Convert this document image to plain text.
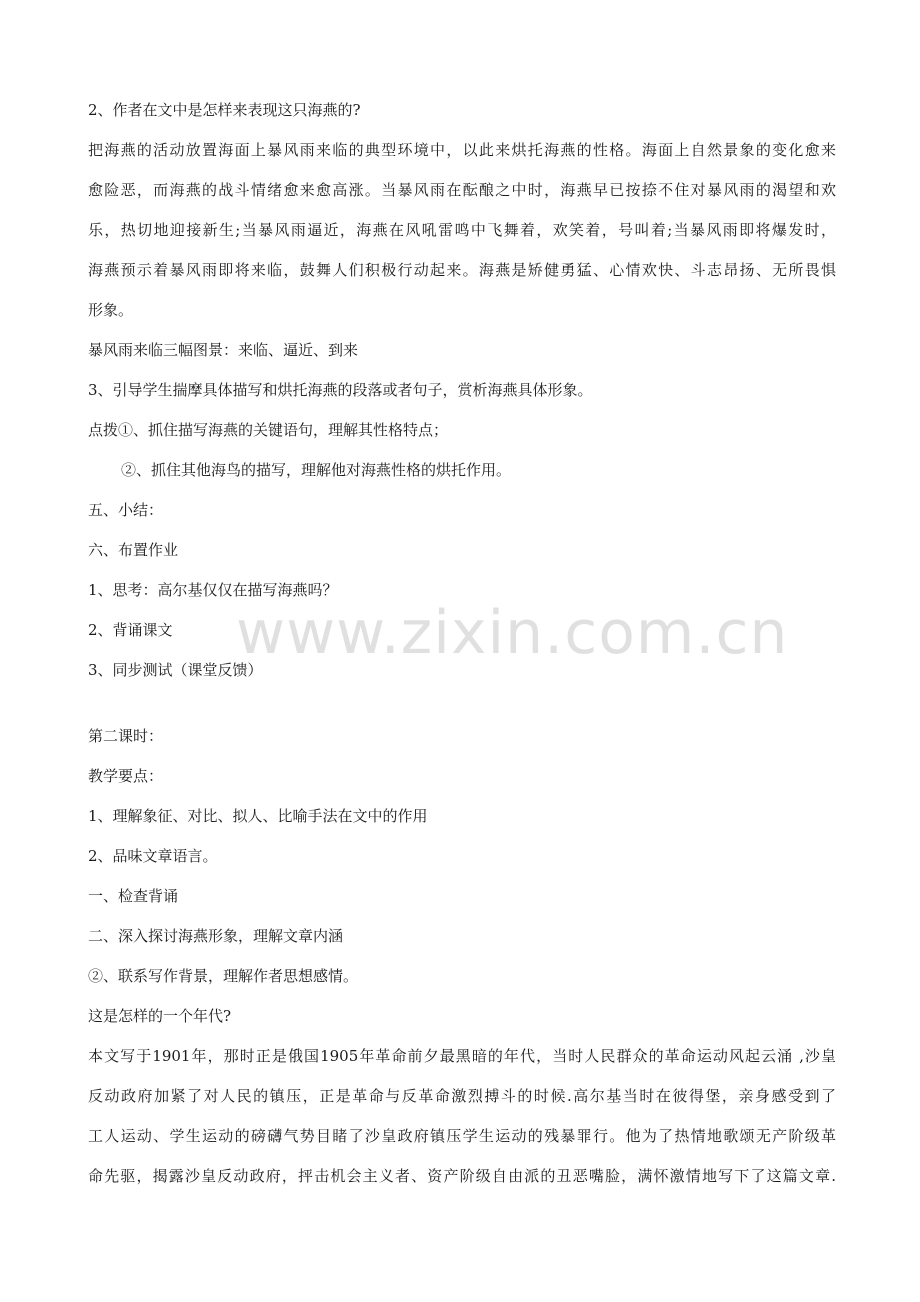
2、作者在文中是怎样来表现这只海燕的?
把海燕的活动放置海面上暴风雨来临的典型环境中，以此来烘托海燕的性格。海面上自然景象的变化愈来
愈险恶，而海燕的战斗情绪愈来愈高涨。当暴风雨在酝酿之中时，海燕早已按捺不住对暴风雨的渴望和欢
乐，热切地迎接新生;当暴风雨逼近，海燕在风吼雷鸣中飞舞着，欢笑着，号叫着;当暴风雨即将爆发时，
海燕预示着暴风雨即将来临，鼓舞人们积极行动起来。海燕是矫健勇猛、心情欢快、斗志昂扬、无所畏惧
形象。
暴风雨来临三幅图景：来临、逼近、到来
3、引导学生揣摩具体描写和烘托海燕的段落或者句子，赏析海燕具体形象。
点拨①、抓住描写海燕的关键语句，理解其性格特点；
②、抓住其他海鸟的描写，理解他对海燕性格的烘托作用。
五、小结：
六、布置作业
1、思考：高尔基仅仅在描写海燕吗？
2、背诵课文
3、同步测试（课堂反馈）
第二课时：
教学要点：
1、理解象征、对比、拟人、比喻手法在文中的作用
2、品味文章语言。
一、检查背诵
二、深入探讨海燕形象，理解文章内涵
②、联系写作背景，理解作者思想感情。
这是怎样的一个年代?
本文写于1901年，那时正是俄国1905年革命前夕最黑暗的年代，当时人民群众的革命运动风起云涌 ,沙皇
反动政府加紧了对人民的镇压，正是革命与反革命激烈搏斗的时候.高尔基当时在彼得堡，亲身感受到了
工人运动、学生运动的磅礴气势目睹了沙皇政府镇压学生运动的残暴罪行。他为了热情地歌颂无产阶级革
命先驱，揭露沙皇反动政府，抨击机会主义者、资产阶级自由派的丑恶嘴脸，满怀激情地写下了这篇文章.
www.zixin.com.cn
